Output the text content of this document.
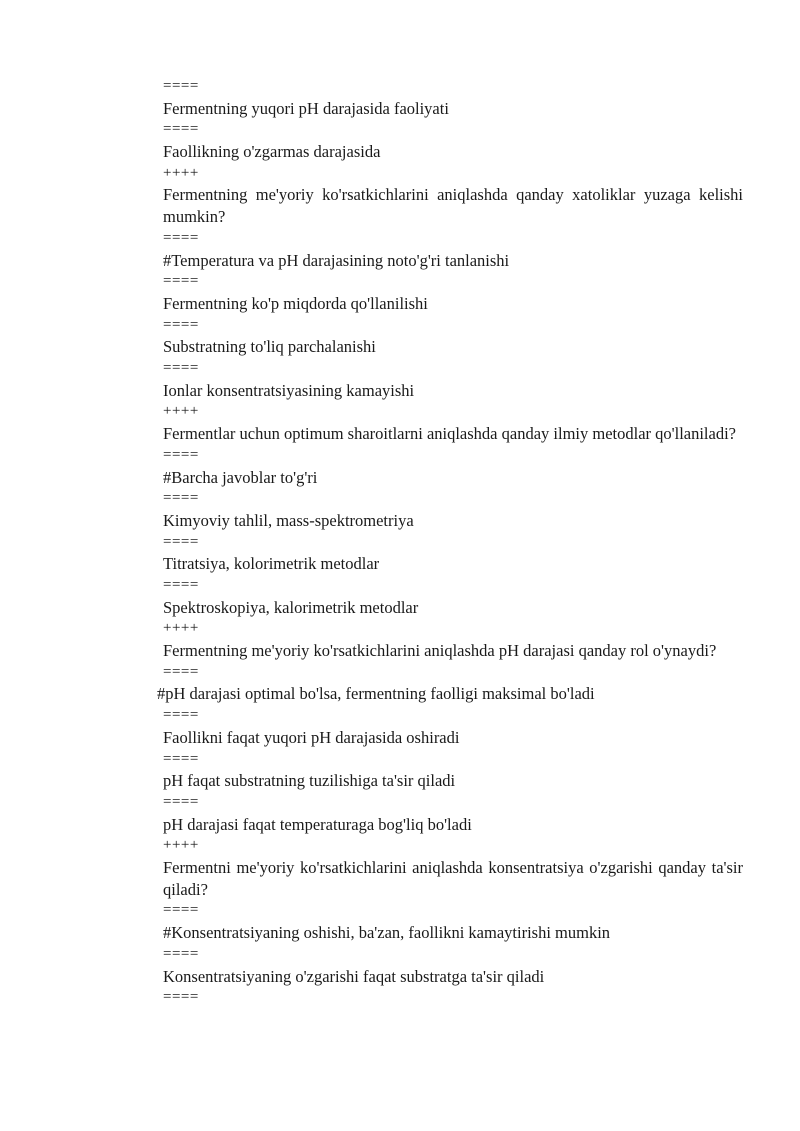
====
Fermentning yuqori pH darajasida faoliyati
====
Faollikning o'zgarmas darajasida
++++
Fermentning me'yoriy ko'rsatkichlarini aniqlashda qanday xatoliklar yuzaga kelishi mumkin?
====
#Temperatura va pH darajasining noto'g'ri tanlanishi
====
Fermentning ko'p miqdorda qo'llanilishi
====
Substratning to'liq parchalanishi
====
Ionlar konsentratsiyasining kamayishi
++++
Fermentlar uchun optimum sharoitlarni aniqlashda qanday ilmiy metodlar qo'llaniladi?
====
#Barcha javoblar to'g'ri
====
Kimyoviy tahlil, mass-spektrometriya
====
Titratsiya, kolorimetrik metodlar
====
Spektroskopiya, kalorimetrik metodlar
++++
Fermentning me'yoriy ko'rsatkichlarini aniqlashda pH darajasi qanday rol o'ynaydi?
====
#pH darajasi optimal bo'lsa, fermentning faolligi maksimal bo'ladi
====
Faollikni faqat yuqori pH darajasida oshiradi
====
pH faqat substratning tuzilishiga ta'sir qiladi
====
pH darajasi faqat temperaturaga bog'liq bo'ladi
++++
Fermentni me'yoriy ko'rsatkichlarini aniqlashda konsentratsiya o'zgarishi qanday ta'sir qiladi?
====
#Konsentratsiyaning oshishi, ba'zan, faollikni kamaytirishi mumkin
====
Konsentratsiyaning o'zgarishi faqat substratga ta'sir qiladi
====
